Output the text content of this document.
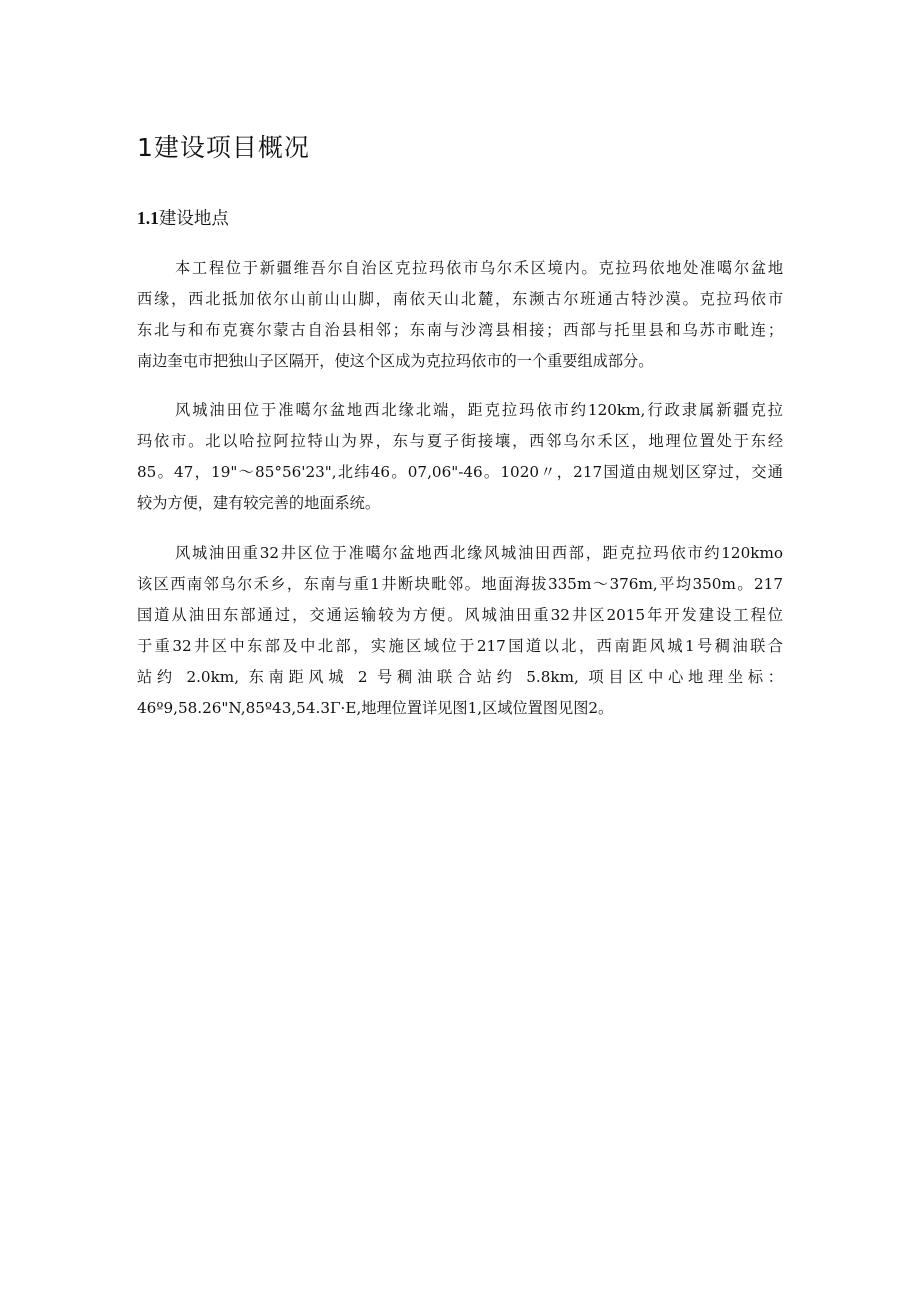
1建设项目概况
1.1建设地点
本工程位于新疆维吾尔自治区克拉玛依市乌尔禾区境内。克拉玛依地处准噶尔盆地
西缘，西北抵加依尔山前山山脚，南依天山北麓，东濒古尔班通古特沙漠。克拉玛依市
东北与和布克赛尔蒙古自治县相邻；东南与沙湾县相接；西部与托里县和乌苏市毗连；
南边奎屯市把独山子区隔开，使这个区成为克拉玛依市的一个重要组成部分。
风城油田位于准噶尔盆地西北缘北端，距克拉玛依市约120km,行政隶属新疆克拉
玛依市。北以哈拉阿拉特山为界，东与夏子街接壤，西邻乌尔禾区，地理位置处于东经
85。47，19"～85°56'23",北纬46。07,06"-46。1020〃，217国道由规划区穿过，交通
较为方便，建有较完善的地面系统。
风城油田重32井区位于准噶尔盆地西北缘风城油田西部，距克拉玛依市约120kmo
该区西南邻乌尔禾乡，东南与重1井断块毗邻。地面海拔335m～376m,平均350m。217
国道从油田东部通过，交通运输较为方便。风城油田重32井区2015年开发建设工程位
于重32井区中东部及中北部，实施区域位于217国道以北，西南距风城1号稠油联合
站约 2.0km, 东南距风城 2 号稠油联合站约 5.8km, 项目区中心地理坐标：
46º9,58.26"N,85º43,54.3Γ·E,地理位置详见图1,区域位置图见图2。
